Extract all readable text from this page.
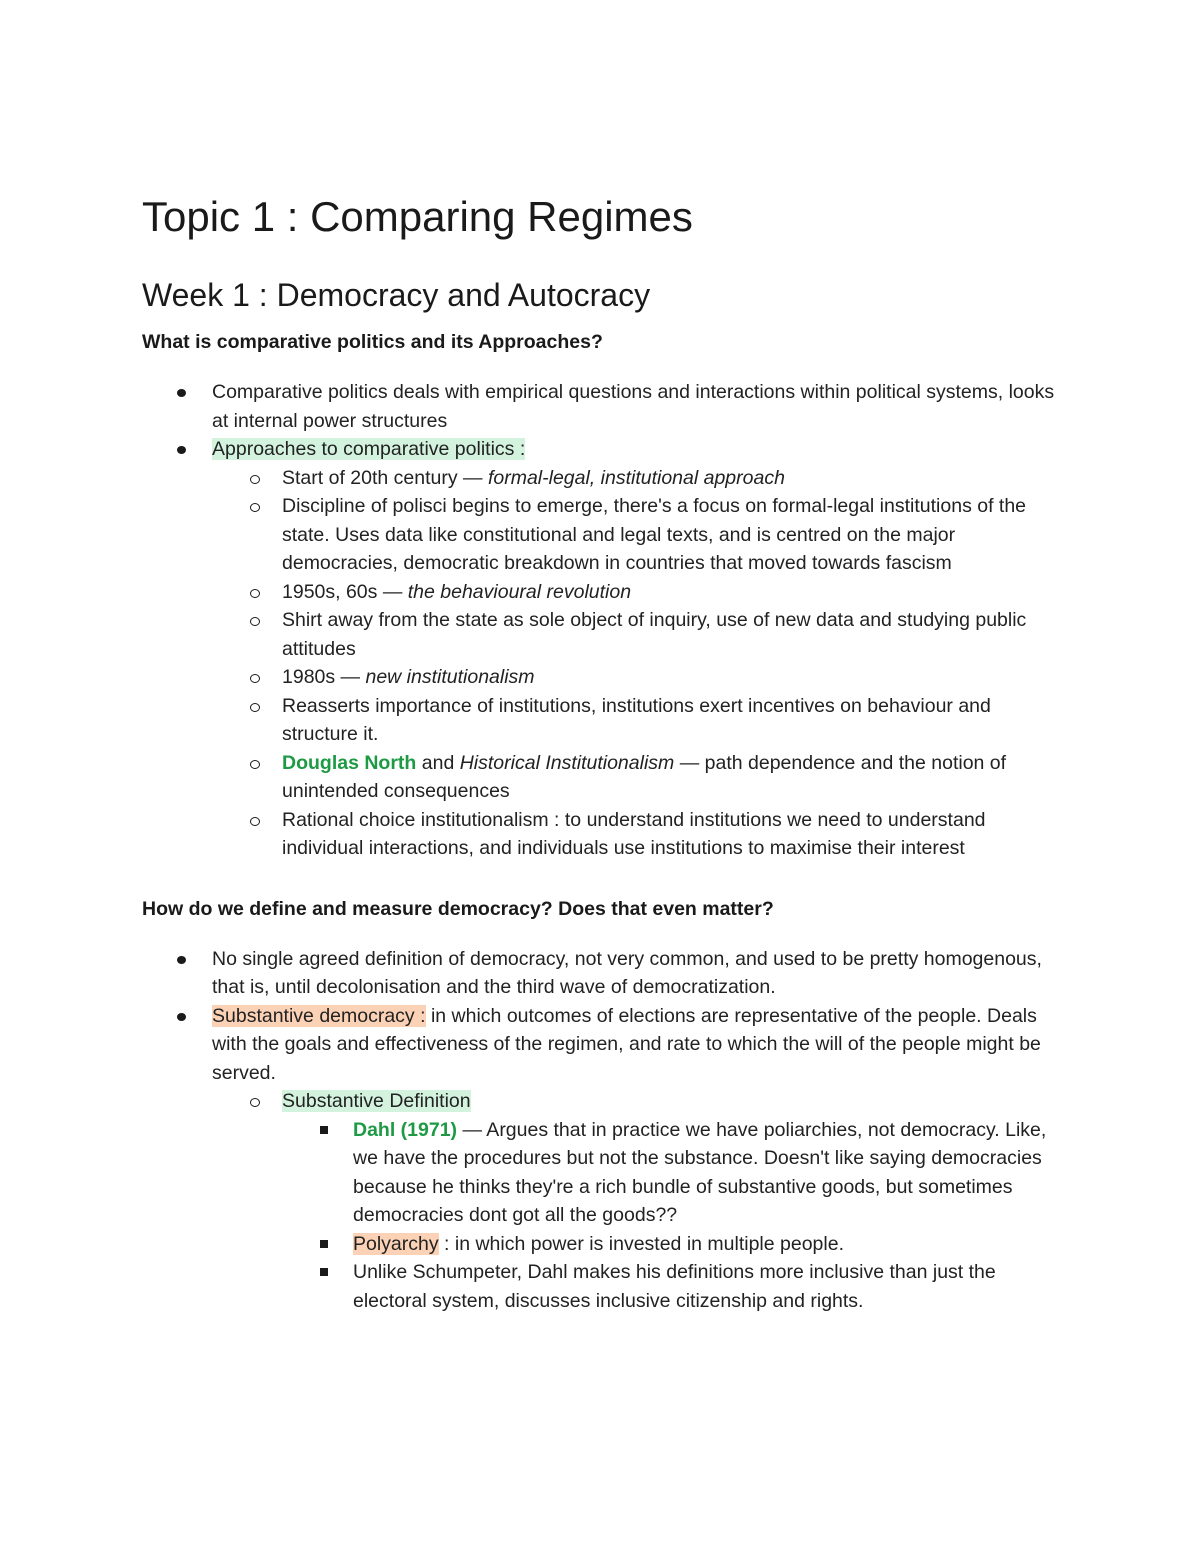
Topic 1 : Comparing Regimes
Week 1 : Democracy and Autocracy
What is comparative politics and its Approaches?
Comparative politics deals with empirical questions and interactions within political systems, looks at internal power structures
Approaches to comparative politics :
Start of 20th century — formal-legal, institutional approach
Discipline of polisci begins to emerge, there's a focus on formal-legal institutions of the state. Uses data like constitutional and legal texts, and is centred on the major democracies, democratic breakdown in countries that moved towards fascism
1950s, 60s — the behavioural revolution
Shirt away from the state as sole object of inquiry, use of new data and studying public attitudes
1980s — new institutionalism
Reasserts importance of institutions, institutions exert incentives on behaviour and structure it.
Douglas North and Historical Institutionalism — path dependence and the notion of unintended consequences
Rational choice institutionalism : to understand institutions we need to understand individual interactions, and individuals use institutions to maximise their interest
How do we define and measure democracy? Does that even matter?
No single agreed definition of democracy, not very common, and used to be pretty homogenous, that is, until decolonisation and the third wave of democratization.
Substantive democracy : in which outcomes of elections are representative of the people. Deals with the goals and effectiveness of the regimen, and rate to which the will of the people might be served.
Substantive Definition
Dahl (1971) — Argues that in practice we have poliarchies, not democracy. Like, we have the procedures but not the substance. Doesn't like saying democracies because he thinks they're a rich bundle of substantive goods, but sometimes democracies dont got all the goods??
Polyarchy : in which power is invested in multiple people.
Unlike Schumpeter, Dahl makes his definitions more inclusive than just the electoral system, discusses inclusive citizenship and rights.
